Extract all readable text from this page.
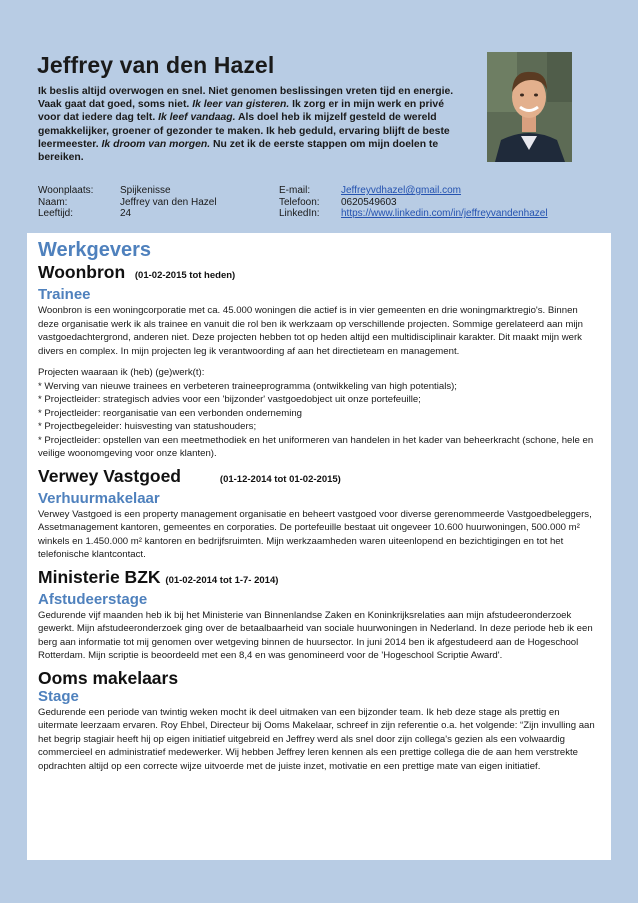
Jeffrey van den Hazel

Ik beslis altijd overwogen en snel. Niet genomen beslissingen vreten tijd en energie. Vaak gaat dat goed, soms niet. Ik leer van gisteren. Ik zorg er in mijn werk en privé voor dat iedere dag telt. Ik leef vandaag. Als doel heb ik mijzelf gesteld de wereld gemakkelijker, groener of gezonder te maken. Ik heb geduld, ervaring blijft de beste leermeester. Ik droom van morgen. Nu zet ik de eerste stappen om mijn doelen te bereiken.

Woonplaats:	Spijkenisse
Naam:	Jeffrey van den Hazel
Leeftijd:	24
E-mail:	Jeffreyvdhazel@gmail.com
Telefoon: 0620549603
LinkedIn: https://www.linkedin.com/in/jeffreyvandenhazel
Werkgevers
Woonbron (01-02-2015 tot heden)
Trainee

Woonbron is een woningcorporatie met ca. 45.000 woningen die actief is in vier gemeenten en drie woningmarktregio's. Binnen deze organisatie werk ik als trainee en vanuit die rol ben ik werkzaam op verschillende projecten. Sommige gerelateerd aan mijn vastgoedachtergrond, anderen niet. Deze projecten hebben tot op heden altijd een multidisciplinair karakter. Dit maakt mijn werk divers en complex. In mijn projecten leg ik verantwoording af aan het directieteam en management.

Projecten waaraan ik (heb) (ge)werk(t):

* Werving van nieuwe trainees en verbeteren traineeprogramma (ontwikkeling van high potentials);
* Projectleider: strategisch advies voor een 'bijzonder' vastgoedobject uit onze portefeuille;
* Projectleider: reorganisatie van een verbonden onderneming
* Projectbegeleider: huisvesting van statushouders;
* Projectleider: opstellen van een meetmethodiek en het uniformeren van handelen in het kader van beheerkracht (schone, hele en veilige woonomgeving voor onze klanten).
Verwey Vastgoed	(01-12-2014 tot 01-02-2015)
Verhuurmakelaar

Verwey Vastgoed is een property management organisatie en beheert vastgoed voor diverse gerenommeerde Vastgoedbeleggers, Assetmanagement kantoren, gemeentes en corporaties. De portefeuille bestaat uit ongeveer 10.600 huurwoningen, 500.000 m² winkels en 1.450.000 m² kantoren en bedrijfsruimten. Mijn werkzaamheden waren uiteenlopend en bezichtigingen en tot het telefonische klantcontact.

Ministerie BZK (01-02-2014 tot 1-7- 2014)
Afstudeerstage

Gedurende vijf maanden heb ik bij het Ministerie van Binnenlandse Zaken en Koninkrijksrelaties aan mijn afstudeeronderzoek gewerkt. Mijn afstudeeronderzoek ging over de betaalbaarheid van sociale huurwoningen in Nederland. In deze periode heb ik een berg aan informatie tot mij genomen over wetgeving binnen de huursector. In juni 2014 ben ik afgestudeerd aan de Hogeschool Rotterdam. Mijn scriptie is beoordeeld met een 8,4 en was genomineerd voor de 'Hogeschool Scriptie Award'.

Ooms makelaars
Stage

Gedurende een periode van twintig weken mocht ik deel uitmaken van een bijzonder team. Ik heb deze stage als prettig en uitermate leerzaam ervaren. Roy Ehbel, Directeur bij Ooms Makelaar, schreef in zijn referentie o.a. het volgende: “Zijn invulling aan het begrip stagiair heeft hij op eigen initiatief uitgebreid en Jeffrey werd als snel door zijn collega's gezien als een volwaardig commercieel en administratief medewerker. Wij hebben Jeffrey leren kennen als een prettige collega die de aan hem verstrekte opdrachten altijd op een correcte wijze uitvoerde met de juiste inzet, motivatie en een prettige mate van eigen initiatief.
